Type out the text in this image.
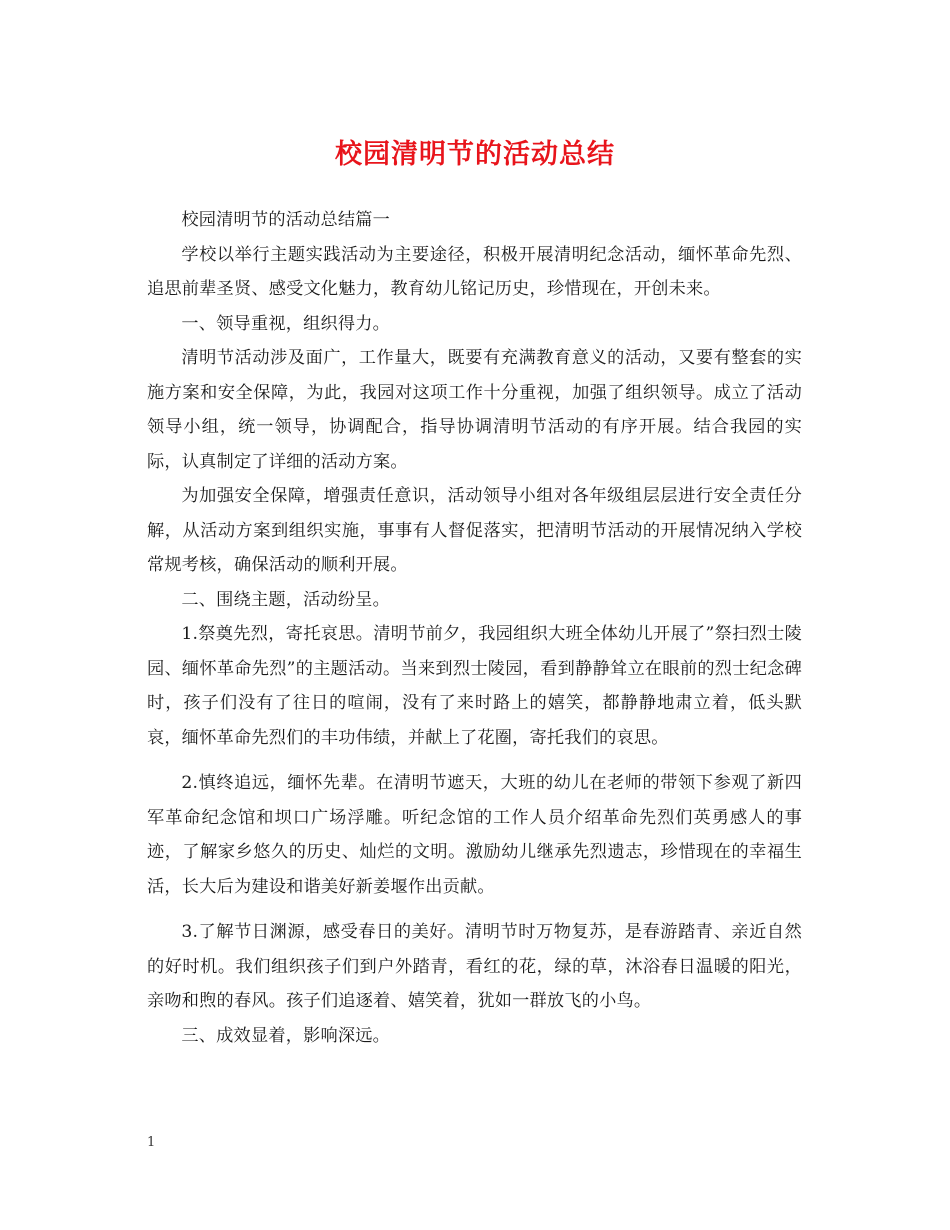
校园清明节的活动总结

校园清明节的活动总结篇一

学校以举行主题实践活动为主要途径，积极开展清明纪念活动，缅怀革命先烈、追思前辈圣贤、感受文化魅力，教育幼儿铭记历史，珍惜现在，开创未来。

一、领导重视，组织得力。

清明节活动涉及面广，工作量大，既要有充满教育意义的活动，又要有整套的实施方案和安全保障，为此，我园对这项工作十分重视，加强了组织领导。成立了活动领导小组，统一领导，协调配合，指导协调清明节活动的有序开展。结合我园的实际，认真制定了详细的活动方案。

为加强安全保障，增强责任意识，活动领导小组对各年级组层层进行安全责任分解，从活动方案到组织实施，事事有人督促落实，把清明节活动的开展情况纳入学校常规考核，确保活动的顺利开展。

二、围绕主题，活动纷呈。

1.祭奠先烈，寄托哀思。清明节前夕，我园组织大班全体幼儿开展了”祭扫烈士陵园、缅怀革命先烈”的主题活动。当来到烈士陵园，看到静静耸立在眼前的烈士纪念碑时，孩子们没有了往日的喧闹，没有了来时路上的嬉笑，都静静地肃立着，低头默哀，缅怀革命先烈们的丰功伟绩，并献上了花圈，寄托我们的哀思。

2.慎终追远，缅怀先辈。在清明节遮天，大班的幼儿在老师的带领下参观了新四军革命纪念馆和坝口广场浮雕。听纪念馆的工作人员介绍革命先烈们英勇感人的事迹，了解家乡悠久的历史、灿烂的文明。激励幼儿继承先烈遗志，珍惜现在的幸福生活，长大后为建设和谐美好新姜堰作出贡献。

3.了解节日渊源，感受春日的美好。清明节时万物复苏，是春游踏青、亲近自然的好时机。我们组织孩子们到户外踏青，看红的花，绿的草，沐浴春日温暖的阳光，亲吻和煦的春风。孩子们追逐着、嬉笑着，犹如一群放飞的小鸟。

三、成效显着，影响深远。

1
